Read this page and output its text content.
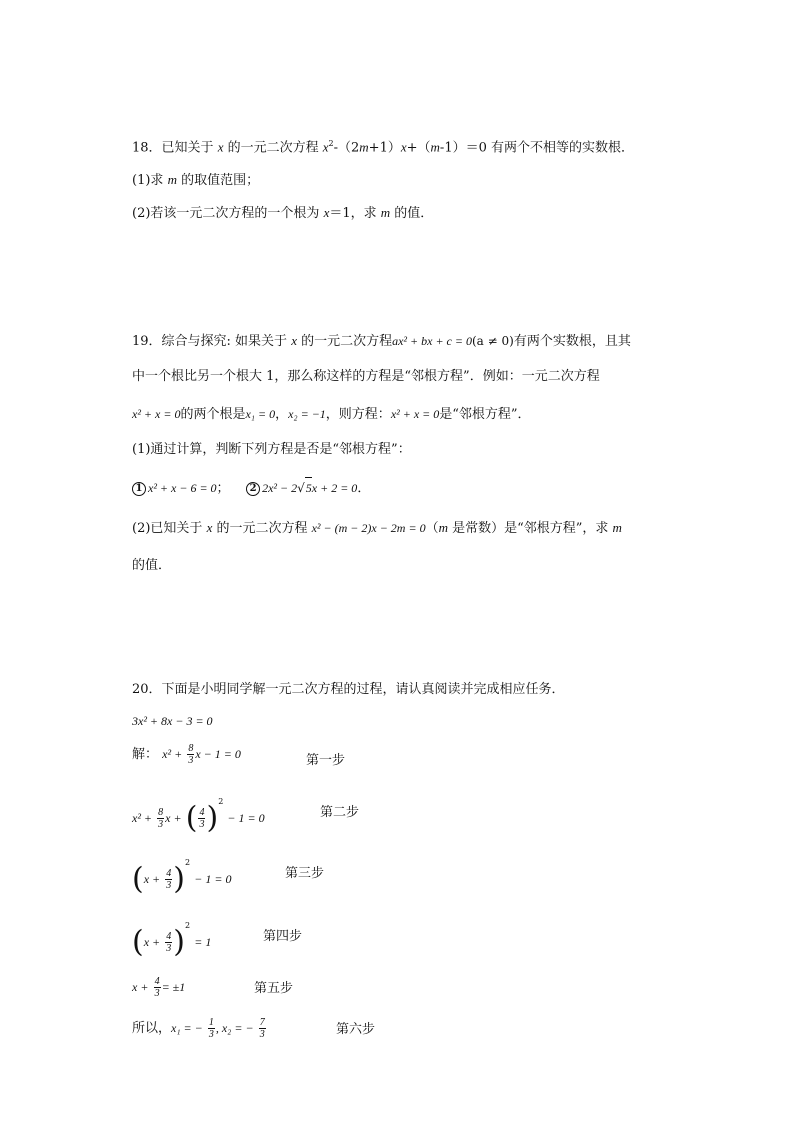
18．已知关于 x 的一元二次方程 $x^2-(2m+1)x+(m-1)=0$ 有两个不相等的实数根．
(1)求 m 的取值范围；
(2)若该一元二次方程的一个根为 x＝1，求 m 的值．
19．综合与探究: 如果关于 x 的一元二次方程ax² + bx + c = 0(a ≠ 0)有两个实数根，且其
中一个根比另一个根大 1，那么称这样的方程是“邻根方程”．例如：一元二次方程
x² + x = 0的两个根是x₁ = 0，x₂ = −1，则方程：x² + x = 0是“邻根方程”．
(1)通过计算，判断下列方程是否是“邻根方程”：
1 x² + x − 6 = 0； 2 2x² − 2√5x + 2 = 0．
(2)已知关于 x 的一元二次方程 x² − (m − 2)x − 2m = 0（m 是常数）是“邻根方程”，求 m
的值．
20．下面是小明同学解一元二次方程的过程，请认真阅读并完成相应任务．
3x² + 8x − 3 = 0
解： $x^2 + \frac{8}{3}$ x − 1 = 0	第一步
$x^2 + \frac{8}{3}$ x + ( $\frac{4}{3} )^2 - 1 = 0$	第二步
$(x + \frac{4}{3} )^2 - 1 = 0$	第三步
$(x + \frac{4}{3} )^2 = 1$	第四步
$x + \frac{4}{3} = \pm 1$	第五步
所以，x₁ = − $\frac{1}{3}$ , x₂ = − $\frac{7}{3}$	第六步
